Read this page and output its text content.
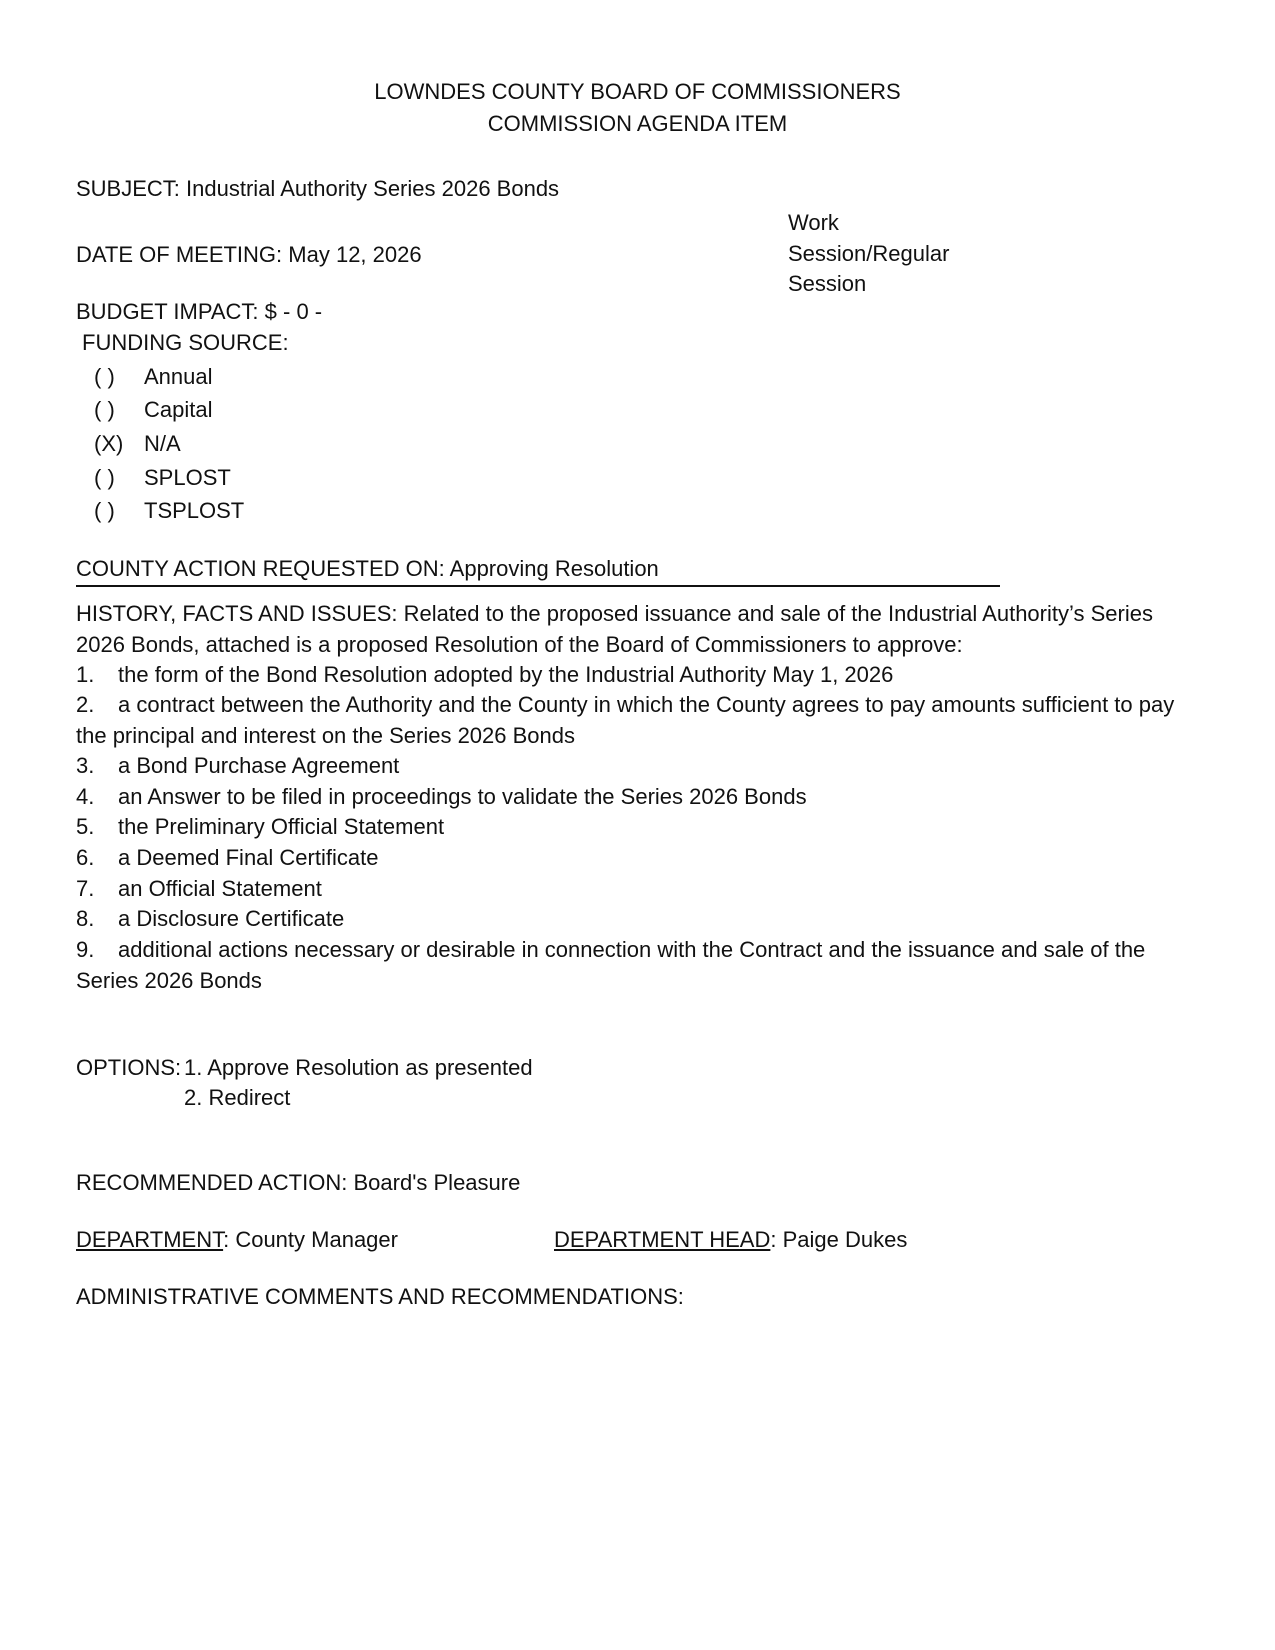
LOWNDES COUNTY BOARD OF COMMISSIONERS
COMMISSION AGENDA ITEM
SUBJECT: Industrial Authority Series 2026 Bonds
DATE OF MEETING: May 12, 2026
Work
Session/Regular
Session
BUDGET IMPACT: $ - 0 -
FUNDING SOURCE:
( ) Annual
( ) Capital
(X) N/A
( ) SPLOST
( ) TSPLOST
COUNTY ACTION REQUESTED ON: Approving Resolution
HISTORY, FACTS AND ISSUES: Related to the proposed issuance and sale of the Industrial Authority’s Series 2026 Bonds, attached is a proposed Resolution of the Board of Commissioners to approve:
1. the form of the Bond Resolution adopted by the Industrial Authority May 1, 2026
2. a contract between the Authority and the County in which the County agrees to pay amounts sufficient to pay the principal and interest on the Series 2026 Bonds
3. a Bond Purchase Agreement
4. an Answer to be filed in proceedings to validate the Series 2026 Bonds
5. the Preliminary Official Statement
6. a Deemed Final Certificate
7. an Official Statement
8. a Disclosure Certificate
9. additional actions necessary or desirable in connection with the Contract and the issuance and sale of the Series 2026 Bonds
OPTIONS: 1. Approve Resolution as presented
2. Redirect
RECOMMENDED ACTION: Board's Pleasure
DEPARTMENT: County Manager	DEPARTMENT HEAD: Paige Dukes
ADMINISTRATIVE COMMENTS AND RECOMMENDATIONS:
